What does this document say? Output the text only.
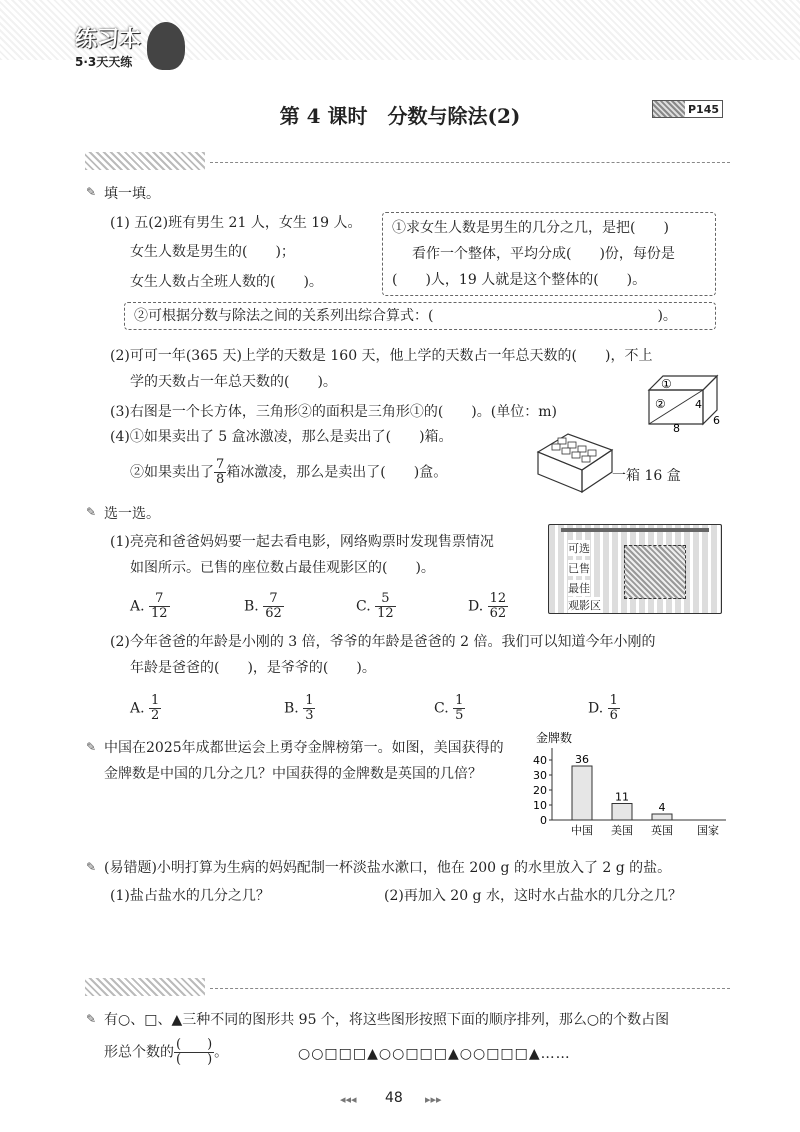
练习本
5·3天天练
第 4 课时　分数与除法(2)	P145
✎ 填一填。
(1) 五(2)班有男生 21 人，女生 19 人。
女生人数是男生的(　　)；
女生人数占全班人数的(　　)。
①求女生人数是男生的几分之几，是把(　　)
看作一个整体，平均分成(　　)份，每份是
(　　)人，19 人就是这个整体的(　　)。
②可根据分数与除法之间的关系列出综合算式：(　　　　　　　　　　　　　　　　)。
(2)可可一年(365 天)上学的天数是 160 天，他上学的天数占一年总天数的(　　)，不上
学的天数占一年总天数的(　　)。
(3)右图是一个长方体，三角形②的面积是三角形①的(　　)。(单位：m)
①
②	4
6
8
(4)①如果卖出了 5 盒冰激凌，那么是卖出了(　　)箱。
②如果卖出了 $\frac{7}{8}$ 箱冰激凌，那么是卖出了(　　)盒。	一箱 16 盒
✎ 选一选。
(1)亮亮和爸爸妈妈要一起去看电影，网络购票时发现售票情况
如图所示。已售的座位数占最佳观影区的(　　)。
可选
已售
最佳
观影区
A. $\frac{7}{12}$	B. $\frac{7}{62}$	C. $\frac{5}{12}$	D. $\frac{12}{62}$
(2)今年爸爸的年龄是小刚的 3 倍，爷爷的年龄是爸爸的 2 倍。我们可以知道今年小刚的
年龄是爸爸的(　　)，是爷爷的(　　)。
A. $\frac{1}{2}$	B. $\frac{1}{3}$	C. $\frac{1}{5}$	D. $\frac{1}{6}$
✎ 中国在2025年成都世运会上勇夺金牌榜第一。如图，美国获得的
金牌数是中国的几分之几？中国获得的金牌数是英国的几倍？
金牌数
0
10
20
30
40	36
中国
11
美国
4
英国 国家
✎ (易错题)小明打算为生病的妈妈配制一杯淡盐水漱口，他在 200 g 的水里放入了 2 g 的盐。
(1)盐占盐水的几分之几？	(2)再加入 20 g 水，这时水占盐水的几分之几？
✎ 有○、□、▲三种不同的图形共 95 个，将这些图形按照下面的顺序排列，那么○的个数占图
形总个数的 $\frac{( )}{( )}$ 。	○○□□□▲○○□□□▲○○□□□▲……
◂◂◂ 48 ▸▸▸
